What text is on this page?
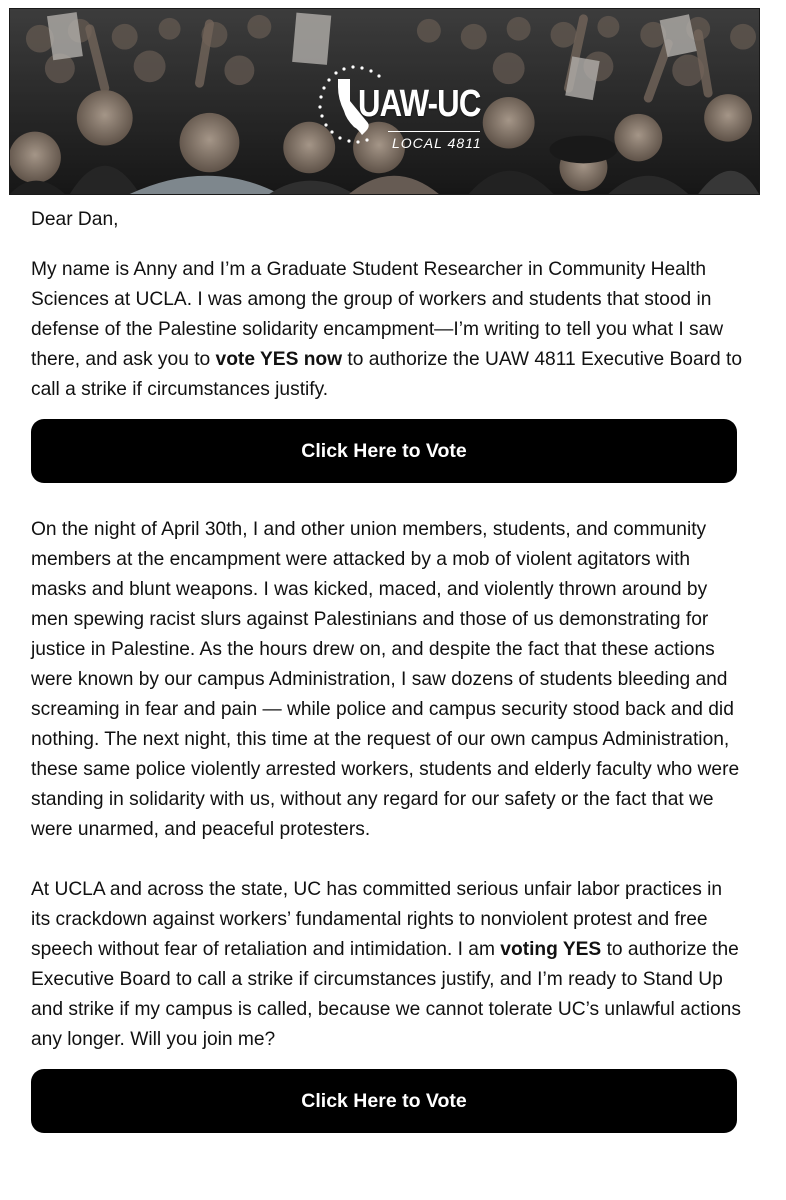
UAW-UC
LOCAL 4811

Dear Dan,

My name is Anny and I’m a Graduate Student Researcher in Community Health Sciences at UCLA. I was among the group of workers and students that stood in defense of the Palestine solidarity encampment—I’m writing to tell you what I saw there, and ask you to vote YES now to authorize the UAW 4811 Executive Board to call a strike if circumstances justify.

Click Here to Vote

On the night of April 30th, I and other union members, students, and community members at the encampment were attacked by a mob of violent agitators with masks and blunt weapons. I was kicked, maced, and violently thrown around by men spewing racist slurs against Palestinians and those of us demonstrating for justice in Palestine. As the hours drew on, and despite the fact that these actions were known by our campus Administration, I saw dozens of students bleeding and screaming in fear and pain — while police and campus security stood back and did nothing. The next night, this time at the request of our own campus Administration, these same police violently arrested workers, students and elderly faculty who were standing in solidarity with us, without any regard for our safety or the fact that we were unarmed, and peaceful protesters.

At UCLA and across the state, UC has committed serious unfair labor practices in its crackdown against workers’ fundamental rights to nonviolent protest and free speech without fear of retaliation and intimidation. I am voting YES to authorize the Executive Board to call a strike if circumstances justify, and I’m ready to Stand Up and strike if my campus is called, because we cannot tolerate UC’s unlawful actions any longer. Will you join me?

Click Here to Vote
